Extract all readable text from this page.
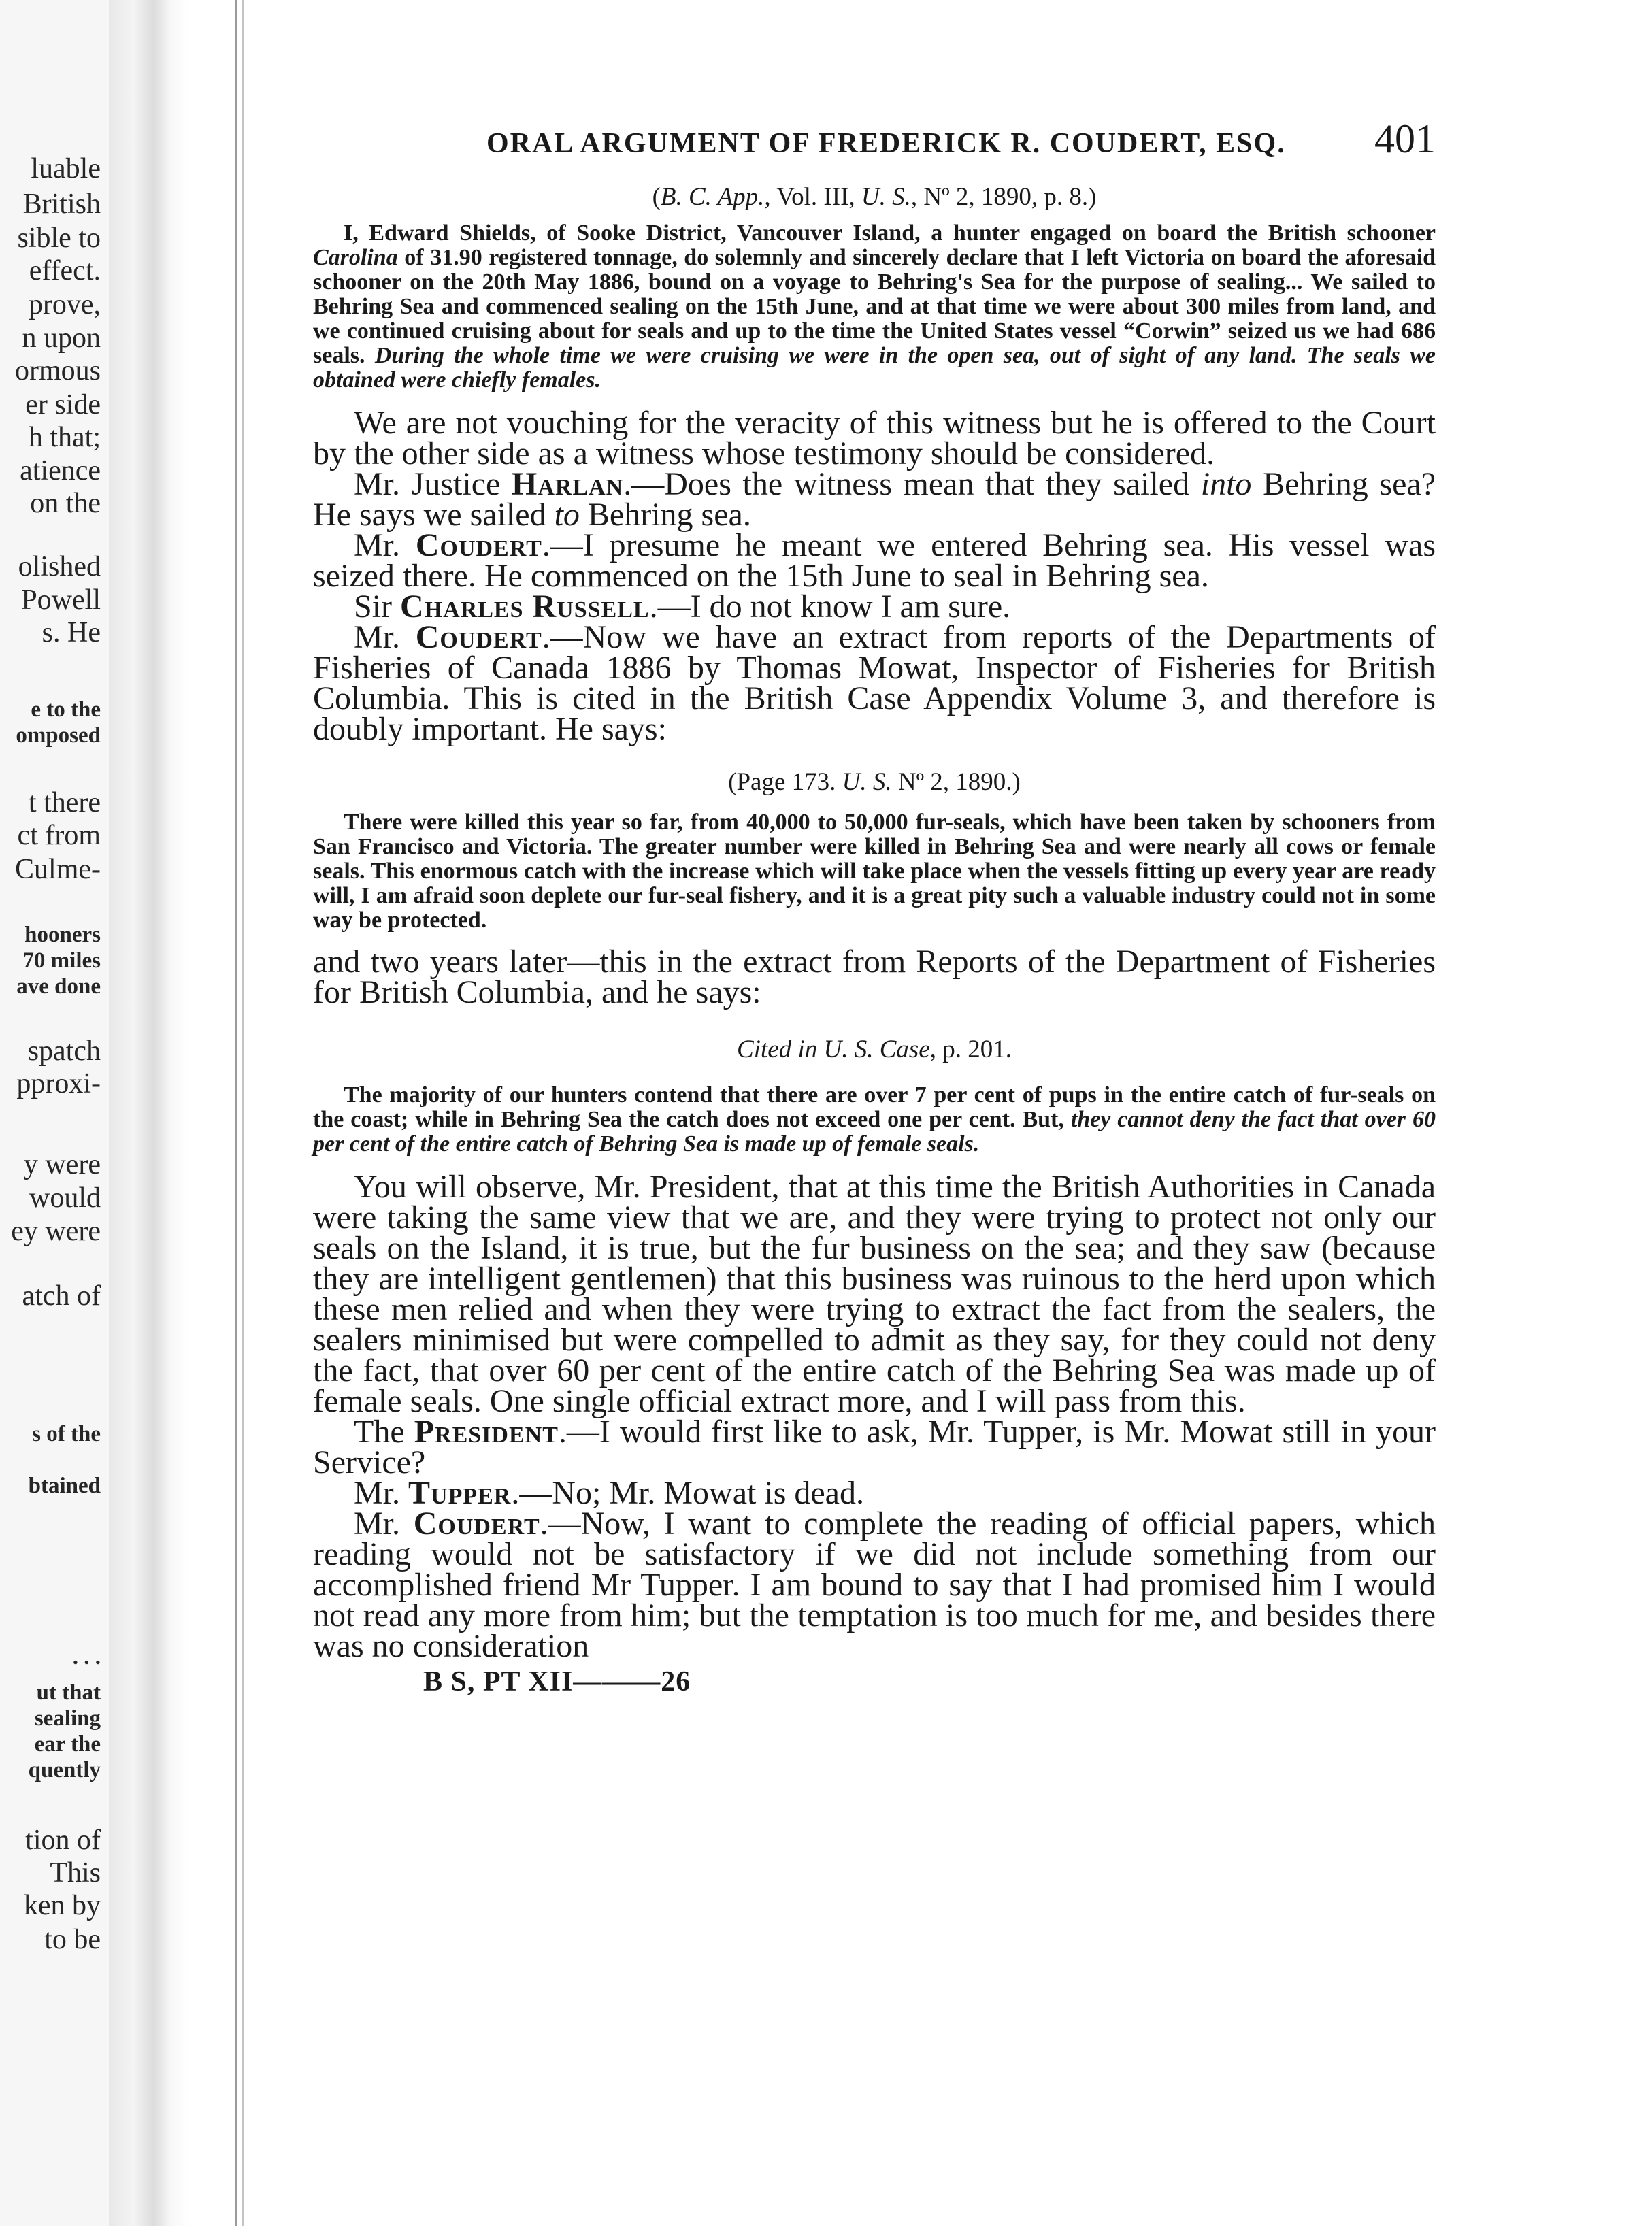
luable
British
sible to
effect.
prove,
n upon
ormous
er side
h that;
atience
on the
olished
Powell
s. He
e to the
omposed
t there
ct from
Culme-
hooners
70 miles
ave done
spatch
pproxi-
y were
would
ey were
atch of
s of the
btained
. . .
ut that
sealing
ear the
quently
tion of
This
ken by
to be
ORAL ARGUMENT OF FREDERICK R. COUDERT, ESQ. 401
(B. C. App., Vol. III, U. S., Nº 2, 1890, p. 8.)

I, Edward Shields, of Sooke District, Vancouver Island, a hunter engaged on board the British schooner Carolina of 31.90 registered tonnage, do solemnly and sincerely declare that I left Victoria on board the aforesaid schooner on the 20th May 1886, bound on a voyage to Behring's Sea for the purpose of sealing... We sailed to Behring Sea and commenced sealing on the 15th June, and at that time we were about 300 miles from land, and we continued cruising about for seals and up to the time the United States vessel “Corwin” seized us we had 686 seals. During the whole time we were cruising we were in the open sea, out of sight of any land. The seals we obtained were chiefly females.

We are not vouching for the veracity of this witness but he is offered to the Court by the other side as a witness whose testimony should be considered.

Mr. Justice Harlan.—Does the witness mean that they sailed into Behring sea? He says we sailed to Behring sea.

Mr. Coudert.—I presume he meant we entered Behring sea. His vessel was seized there. He commenced on the 15th June to seal in Behring sea.

Sir Charles Russell.—I do not know I am sure.

Mr. Coudert.—Now we have an extract from reports of the Departments of Fisheries of Canada 1886 by Thomas Mowat, Inspector of Fisheries for British Columbia. This is cited in the British Case Appendix Volume 3, and therefore is doubly important. He says:

(Page 173. U. S. Nº 2, 1890.)

There were killed this year so far, from 40,000 to 50,000 fur-seals, which have been taken by schooners from San Francisco and Victoria. The greater number were killed in Behring Sea and were nearly all cows or female seals. This enormous catch with the increase which will take place when the vessels fitting up every year are ready will, I am afraid soon deplete our fur-seal fishery, and it is a great pity such a valuable industry could not in some way be protected.

and two years later—this in the extract from Reports of the Department of Fisheries for British Columbia, and he says:

Cited in U. S. Case, p. 201.

The majority of our hunters contend that there are over 7 per cent of pups in the entire catch of fur-seals on the coast; while in Behring Sea the catch does not exceed one per cent. But, they cannot deny the fact that over 60 per cent of the entire catch of Behring Sea is made up of female seals.

You will observe, Mr. President, that at this time the British Authorities in Canada were taking the same view that we are, and they were trying to protect not only our seals on the Island, it is true, but the fur business on the sea; and they saw (because they are intelligent gentlemen) that this business was ruinous to the herd upon which these men relied and when they were trying to extract the fact from the sealers, the sealers minimised but were compelled to admit as they say, for they could not deny the fact, that over 60 per cent of the entire catch of the Behring Sea was made up of female seals. One single official extract more, and I will pass from this.

The President.—I would first like to ask, Mr. Tupper, is Mr. Mowat still in your Service?

Mr. Tupper.—No; Mr. Mowat is dead.

Mr. Coudert.—Now, I want to complete the reading of official papers, which reading would not be satisfactory if we did not include something from our accomplished friend Mr Tupper. I am bound to say that I had promised him I would not read any more from him; but the temptation is too much for me, and besides there was no consideration

B S, PT XII———26
